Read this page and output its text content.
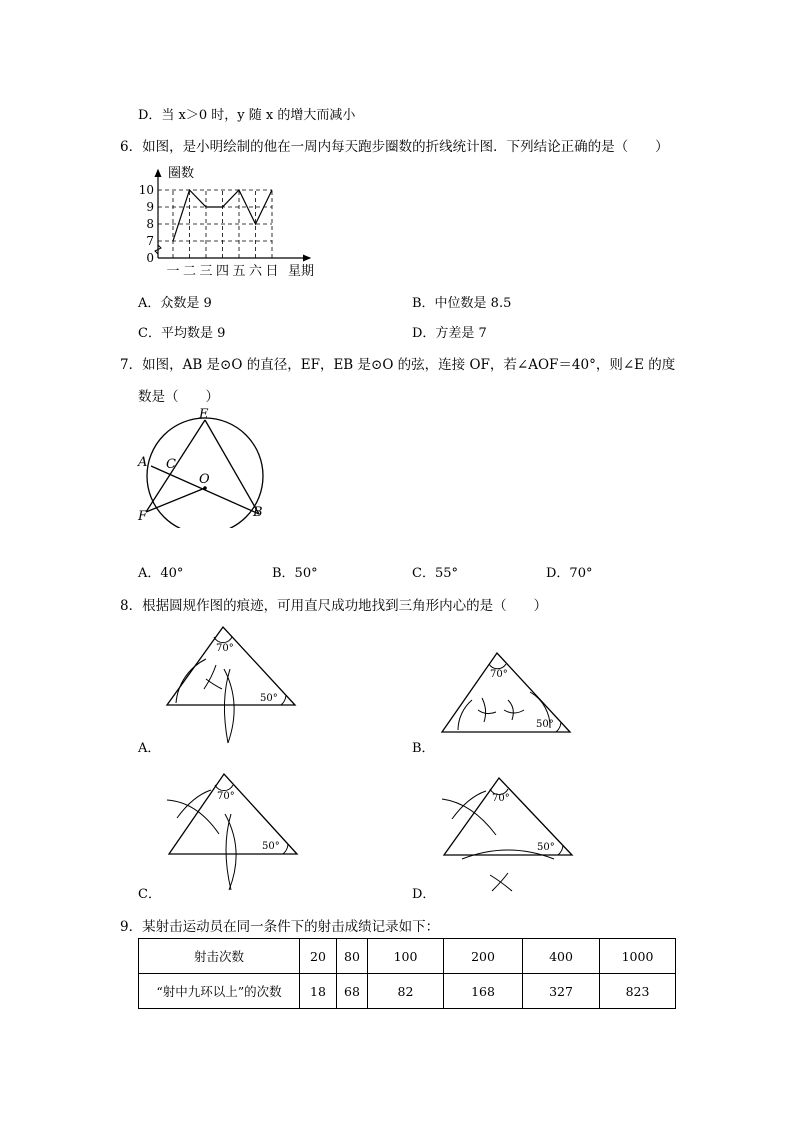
D．当 x＞0 时，y 随 x 的增大而减小
6．如图，是小明绘制的他在一周内每天跑步圈数的折线统计图．下列结论正确的是（　　）
0
7
8
9
10
一 二 三 四 五 六 日
圈数
星期
A．众数是 9	B．中位数是 8.5
C．平均数是 9	D．方差是 7
7．如图，AB 是⊙O 的直径，EF，EB 是⊙O 的弦，连接 OF，若∠AOF＝40°，则∠E 的度
数是（　　）
E
A C
O
F	B
A．40°	B．50°	C．55°	D．70°
8．根据圆规作图的痕迹，可用直尺成功地找到三角形内心的是（　　）
70°
50°
A．
70°
50°
B．
70°
50°
C．
70°
50°
D．
9．某射击运动员在同一条件下的射击成绩记录如下：
射击次数	20	80	100	200	400	1000
“射中九环以上”的次数	18	68	82	168	327	823
